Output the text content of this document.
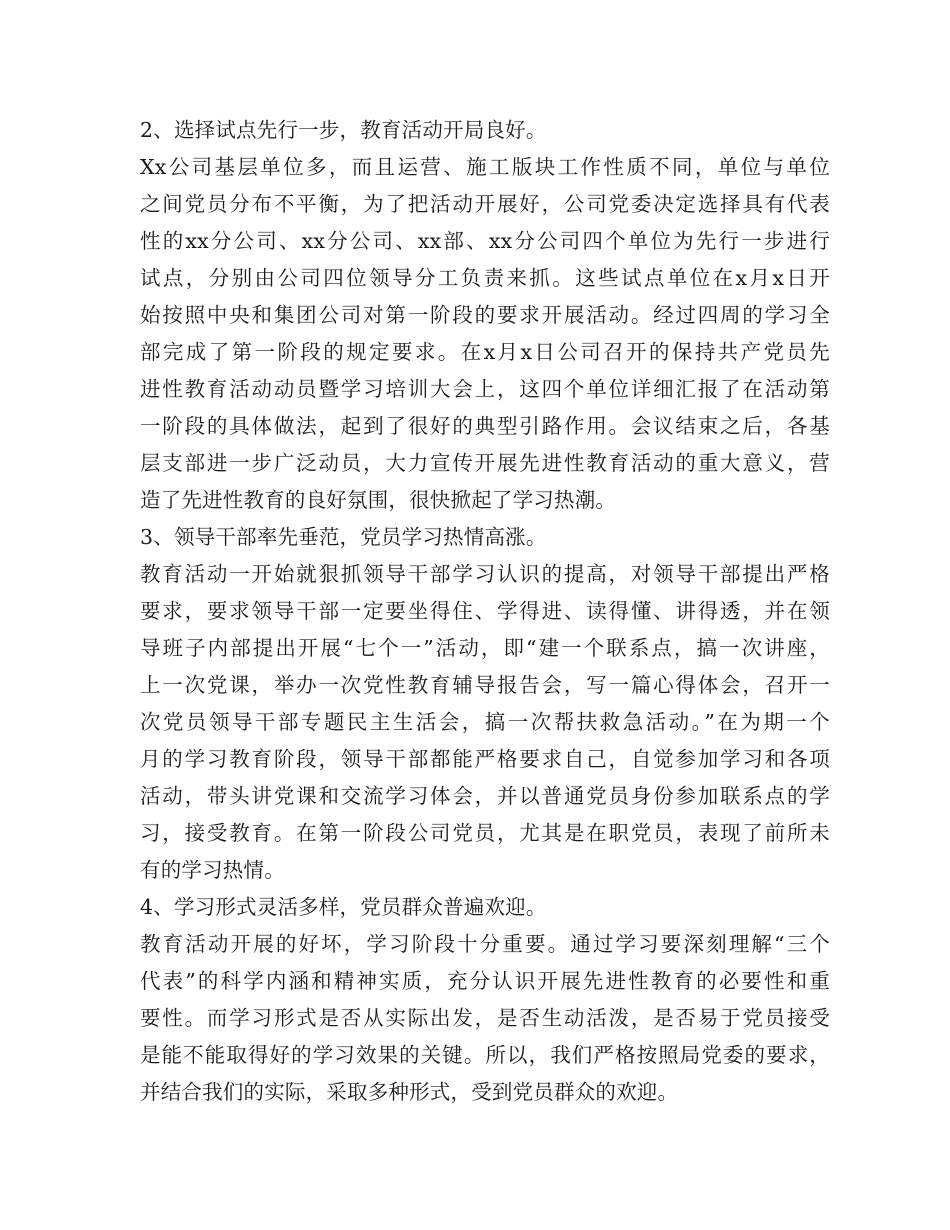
2、选择试点先行一步，教育活动开局良好。
Xx公司基层单位多，而且运营、施工版块工作性质不同，单位与单位
之间党员分布不平衡，为了把活动开展好，公司党委决定选择具有代表
性的xx分公司、xx分公司、xx部、xx分公司四个单位为先行一步进行
试点，分别由公司四位领导分工负责来抓。这些试点单位在x月x日开
始按照中央和集团公司对第一阶段的要求开展活动。经过四周的学习全
部完成了第一阶段的规定要求。在x月x日公司召开的保持共产党员先
进性教育活动动员暨学习培训大会上，这四个单位详细汇报了在活动第
一阶段的具体做法，起到了很好的典型引路作用。会议结束之后，各基
层支部进一步广泛动员，大力宣传开展先进性教育活动的重大意义，营
造了先进性教育的良好氛围，很快掀起了学习热潮。
3、领导干部率先垂范，党员学习热情高涨。
教育活动一开始就狠抓领导干部学习认识的提高，对领导干部提出严格
要求，要求领导干部一定要坐得住、学得进、读得懂、讲得透，并在领
导班子内部提出开展“七个一”活动，即“建一个联系点，搞一次讲座，
上一次党课，举办一次党性教育辅导报告会，写一篇心得体会，召开一
次党员领导干部专题民主生活会，搞一次帮扶救急活动。”在为期一个
月的学习教育阶段，领导干部都能严格要求自己，自觉参加学习和各项
活动，带头讲党课和交流学习体会，并以普通党员身份参加联系点的学
习，接受教育。在第一阶段公司党员，尤其是在职党员，表现了前所未
有的学习热情。
4、学习形式灵活多样，党员群众普遍欢迎。
教育活动开展的好坏，学习阶段十分重要。通过学习要深刻理解“三个
代表”的科学内涵和精神实质，充分认识开展先进性教育的必要性和重
要性。而学习形式是否从实际出发，是否生动活泼，是否易于党员接受
是能不能取得好的学习效果的关键。所以，我们严格按照局党委的要求，
并结合我们的实际，采取多种形式，受到党员群众的欢迎。
